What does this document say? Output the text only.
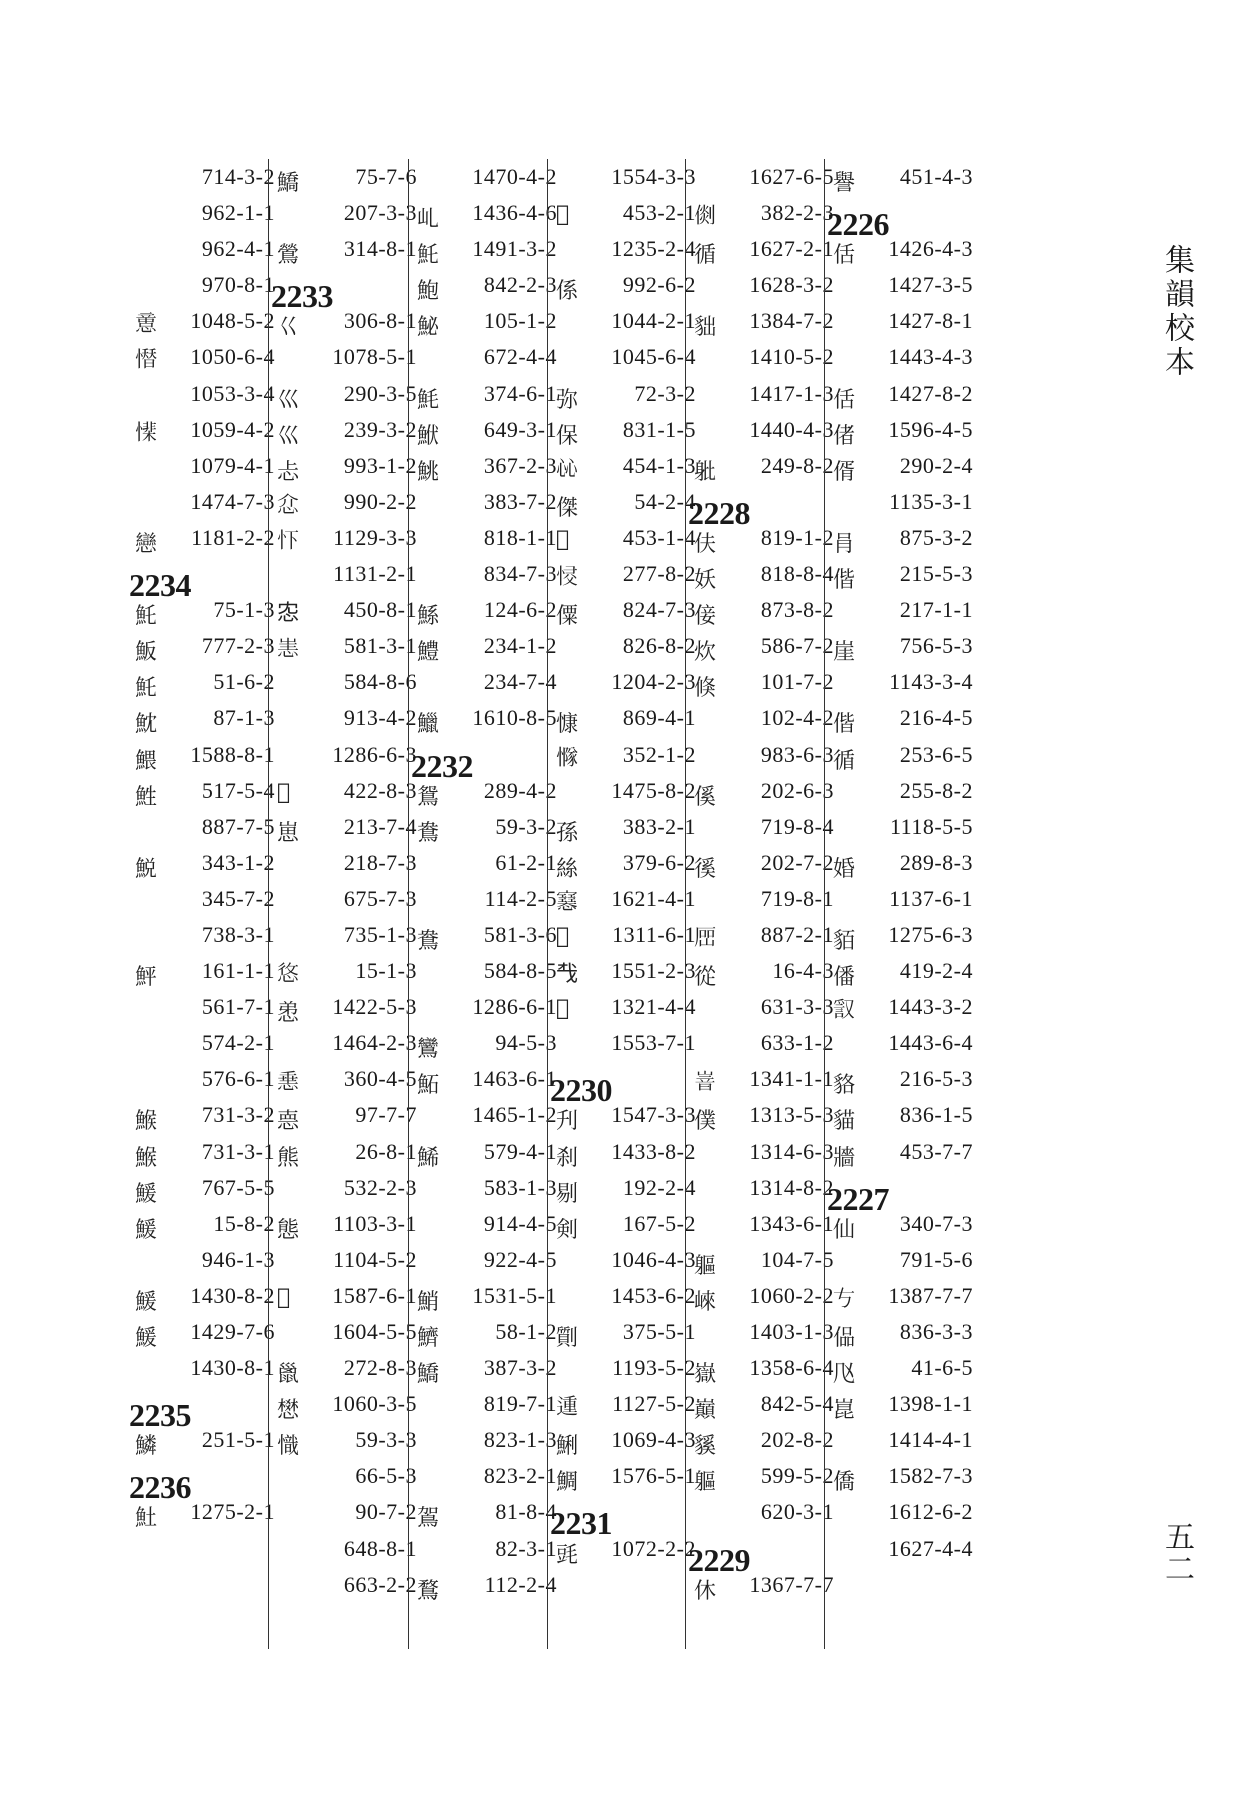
714-3-2
962-1-1
962-4-1
970-8-1
𢡃 1048-5-2
𢡄 1050-6-4
1053-3-4
𢡅 1059-4-2
1079-4-1
1474-7-3
戀 1181-2-2
2234
魠	75-1-3
魬 777-2-3
魠	51-6-2
魫	87-1-3
鰃 1588-8-1
鮏 517-5-4
887-7-5
鮵 343-1-2
345-7-2
738-3-1
鮃 161-1-1
561-7-1
574-2-1
576-6-1
鯸 731-3-2
鯸 731-3-1
鰀 767-5-5
鰀	15-8-2
946-1-3
鰀 1430-8-2
鰀 1429-7-6
1430-8-1
2235
鱗 251-5-1
2236
𩵚 1275-2-1
鱎	75-7-6
207-3-3
鶯 314-8-1
2233
巜 306-8-1
1078-5-1
巛 290-3-5
巛 239-3-2
忐 993-1-2
𢗊 990-2-2
𢗄 1129-3-3
1131-2-1
𢗐 450-8-1
𢙌 581-3-1
584-8-6
913-4-2
1286-6-3
𢙏 422-8-3
崽 213-7-4
218-7-3
675-7-3
735-1-3
𢚐	15-1-3
𢚖 1422-5-3
1464-2-3
𢛲 360-4-5
𢛳	97-7-7
熊	26-8-1
532-2-3
態 1103-3-1
1104-5-2
𩫛 1587-6-1
1604-5-5
巤 272-8-3
𢡟 1060-3-5
𢡠	59-3-3
66-5-3
90-7-2
648-8-1
663-2-2
1470-4-2
乢 1436-4-6
魠 1491-3-2
鮑 842-2-3
鮅 105-1-2
672-4-4
魹 374-6-1
鮲 649-3-1
鮡 367-2-3
383-7-2
818-1-1
834-7-3
鯀 124-6-2
鱧 234-1-2
234-7-4
鱲 1610-8-5
2232
鴛 289-4-2
鴦	59-3-2
61-2-1
114-2-5
鴦 581-3-6
584-8-5
1286-6-1
鸞	94-5-3
鮖 1463-6-1
1465-1-2
鯑 579-4-1
583-1-3
914-4-5
922-4-5
鮹 1531-5-1
鱭	58-1-2
鱎 387-3-2
819-7-1
823-1-3
823-2-1
鴐	81-8-4
82-3-1
鶩 112-2-4
1554-3-3
𢗟 453-2-1
1235-2-4
係 992-6-2
1044-2-1
1045-6-4
弥	72-3-2
保 831-1-5
𢗰 454-1-3
傑	54-2-4
𢘝 453-1-4
𢚌 277-8-2
僳 824-7-3
826-8-2
1204-2-3
慷 869-4-1
𢢊 352-1-2
1475-8-2
孫 383-2-1
絲 379-6-2
𢥛 1621-4-1
𧲣 1311-6-1
𢦔 1551-2-3
𢦝 1321-4-4
1553-7-1
2230
刋 1547-3-3
刹 1433-8-2
剔 192-2-4
剣 167-5-2
1046-4-3
1453-6-2
劕 375-5-1
1193-5-2
𨔝 1127-5-2
鯏 1069-4-3
鯛 1576-5-1
2231
毭 1072-2-2
1627-6-5
𠋴 382-2-3
循 1627-2-1
1628-3-2
貀 1384-7-2
1410-5-2
1417-1-3
1440-4-3
𨈚 249-8-2
2228
伕 819-1-2
妖 818-8-4
倿 873-8-2
炊 586-7-2
倏 101-7-2
102-4-2
983-6-3
傒 202-6-3
719-8-4
徯 202-7-2
719-8-1
𡸡 887-2-1
從	16-4-3
631-3-3
633-1-2
𡺞 1341-1-1
僕 1313-5-3
1314-6-3
1314-8-2
1343-6-1
軀 104-7-5
崍 1060-2-2
1403-1-3
嶽 1358-6-4
巔 842-5-4
貕 202-8-2
軀 599-5-2
620-3-1
2229
休 1367-7-7
譽 451-4-3
2226
佸 1426-4-3
1427-3-5
1427-8-1
1443-4-3
佸 1427-8-2
偖 1596-4-5
偦 290-2-4
1135-3-1
肙 875-3-2
偕 215-5-3
217-1-1
崖 756-5-3
1143-3-4
偕 216-4-5
循 253-6-5
255-8-2
1118-5-5
婚 289-8-3
1137-6-1
貊 1275-6-3
僠 419-2-4
𧧞 1443-3-2
1443-6-4
貉 216-5-3
貓 836-1-5
牆 453-7-7
2227
仙 340-7-3
791-5-6
𠀁 1387-7-7
偘 836-3-3
𠘰	41-6-5
崑 1398-1-1
1414-4-1
僑 1582-7-3
1612-6-2
1627-4-4
集韻校本
五二
